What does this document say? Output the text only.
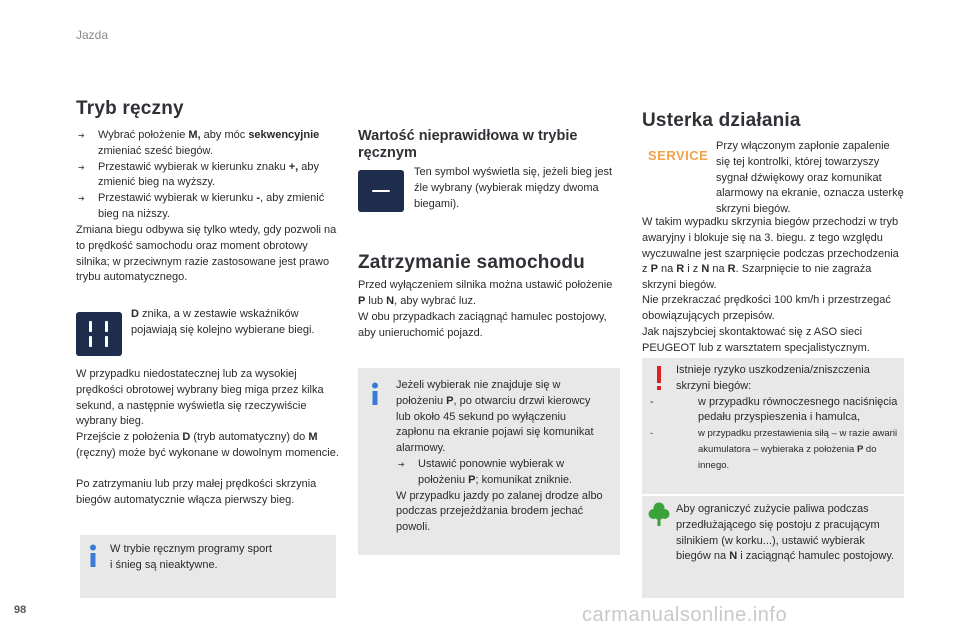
Jazda
Tryb ręczny
➔ Wybrać położenie M, aby móc sekwencyjnie zmieniać sześć biegów.
➔ Przestawić wybierak w kierunku znaku +, aby zmienić bieg na wyższy.
➔ Przestawić wybierak w kierunku -, aby zmienić bieg na niższy.

Zmiana biegu odbywa się tylko wtedy, gdy pozwoli na to prędkość samochodu oraz moment obrotowy silnika; w przeciwnym razie zastosowane jest prawo trybu automatycznego.

D znika, a w zestawie wskaźników pojawiają się kolejno wybierane biegi.

W przypadku niedostatecznej lub za wysokiej prędkości obrotowej wybrany bieg miga przez kilka sekund, a następnie wyświetla się rzeczywiście wybrany bieg.

Przejście z położenia D (tryb automatyczny) do M (ręczny) może być wykonane w dowolnym momencie.

Po zatrzymaniu lub przy małej prędkości skrzynia biegów automatycznie włącza pierwszy bieg.

W trybie ręcznym programy sport
i śnieg są nieaktywne.
Wartość nieprawidłowa w trybie ręcznym

Ten symbol wyświetla się, jeżeli bieg jest źle wybrany (wybierak między dwoma biegami).

Zatrzymanie samochodu

Przed wyłączeniem silnika można ustawić położenie P lub N, aby wybrać luz.

W obu przypadkach zaciągnąć hamulec postojowy, aby unieruchomić pojazd.

Jeżeli wybierak nie znajduje się w położeniu P, po otwarciu drzwi kierowcy lub około 45 sekund po wyłączeniu zapłonu na ekranie pojawi się komunikat alarmowy.
➔ Ustawić ponownie wybierak w położeniu P; komunikat zniknie.
W przypadku jazdy po zalanej drodze albo podczas przejeżdżania brodem jechać powoli.
Usterka działania
SERVICE
Przy włączonym zapłonie zapalenie się tej kontrolki, której towarzyszy sygnał dźwiękowy oraz komunikat alarmowy na ekranie, oznacza usterkę skrzyni biegów.

W takim wypadku skrzynia biegów przechodzi w tryb awaryjny i blokuje się na 3. biegu. z tego względu wyczuwalne jest szarpnięcie podczas przechodzenia z P na R i z N na R. Szarpnięcie to nie zagraża skrzyni biegów.

Nie przekraczać prędkości 100 km/h i przestrzegać obowiązujących przepisów.

Jak najszybciej skontaktować się z ASO sieci PEUGEOT lub z warsztatem specjalistycznym.

Istnieje ryzyko uszkodzenia/zniszczenia skrzyni biegów:
- w przypadku równoczesnego naciśnięcia pedału przyspieszenia i hamulca,
- w przypadku przestawienia siłą – w razie awarii akumulatora – wybieraka z położenia P do innego.

Aby ograniczyć zużycie paliwa podczas przedłużającego się postoju z pracującym silnikiem (w korku...), ustawić wybierak biegów na N i zaciągnąć hamulec postojowy.

98	carmanualsonline.info
